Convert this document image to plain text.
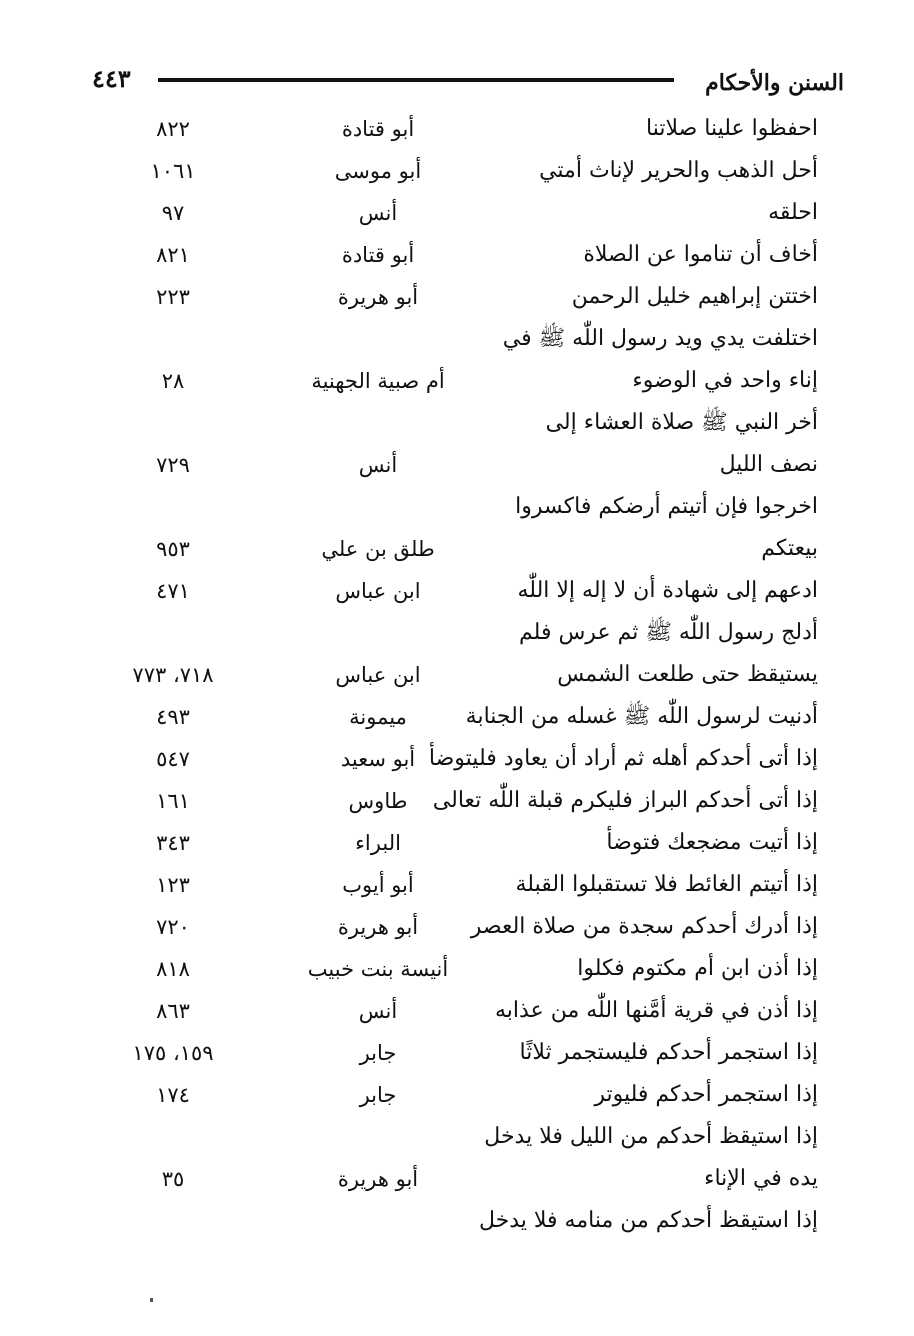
السنن والأحكام
٤٤٣
احفظوا علينا صلاتنا
أبو قتادة
٨٢٢
أحل الذهب والحرير لإناث أمتي
أبو موسى
١٠٦١
احلقه
أنس
٩٧
أخاف أن تناموا عن الصلاة
أبو قتادة
٨٢١
اختتن إبراهيم خليل الرحمن
أبو هريرة
٢٢٣
اختلفت يدي ويد رسول اللّٰه ﷺ في
إناء واحد في الوضوء
أم صبية الجهنية
٢٨
أخر النبي ﷺ صلاة العشاء إلى
نصف الليل
أنس
٧٢٩
اخرجوا فإن أتيتم أرضكم فاكسروا
بيعتكم
طلق بن علي
٩٥٣
ادعهم إلى شهادة أن لا إله إلا اللّٰه
ابن عباس
٤٧١
أدلج رسول اللّٰه ﷺ ثم عرس فلم
يستيقظ حتى طلعت الشمس
ابن عباس
٧١٨، ٧٧٣
أدنيت لرسول اللّٰه ﷺ غسله من الجنابة
ميمونة
٤٩٣
إذا أتى أحدكم أهله ثم أراد أن يعاود فليتوضأ
أبو سعيد
٥٤٧
إذا أتى أحدكم البراز فليكرم قبلة اللّٰه تعالى
طاوس
١٦١
إذا أتيت مضجعك فتوضأ
البراء
٣٤٣
إذا أتيتم الغائط فلا تستقبلوا القبلة
أبو أيوب
١٢٣
إذا أدرك أحدكم سجدة من صلاة العصر
أبو هريرة
٧٢٠
إذا أذن ابن أم مكتوم فكلوا
أنيسة بنت خبيب
٨١٨
إذا أذن في قرية أمَّنها اللّٰه من عذابه
أنس
٨٦٣
إذا استجمر أحدكم فليستجمر ثلاثًا
جابر
١٥٩، ١٧٥
إذا استجمر أحدكم فليوتر
جابر
١٧٤
إذا استيقظ أحدكم من الليل فلا يدخل
يده في الإناء
أبو هريرة
٣٥
إذا استيقظ أحدكم من منامه فلا يدخل
